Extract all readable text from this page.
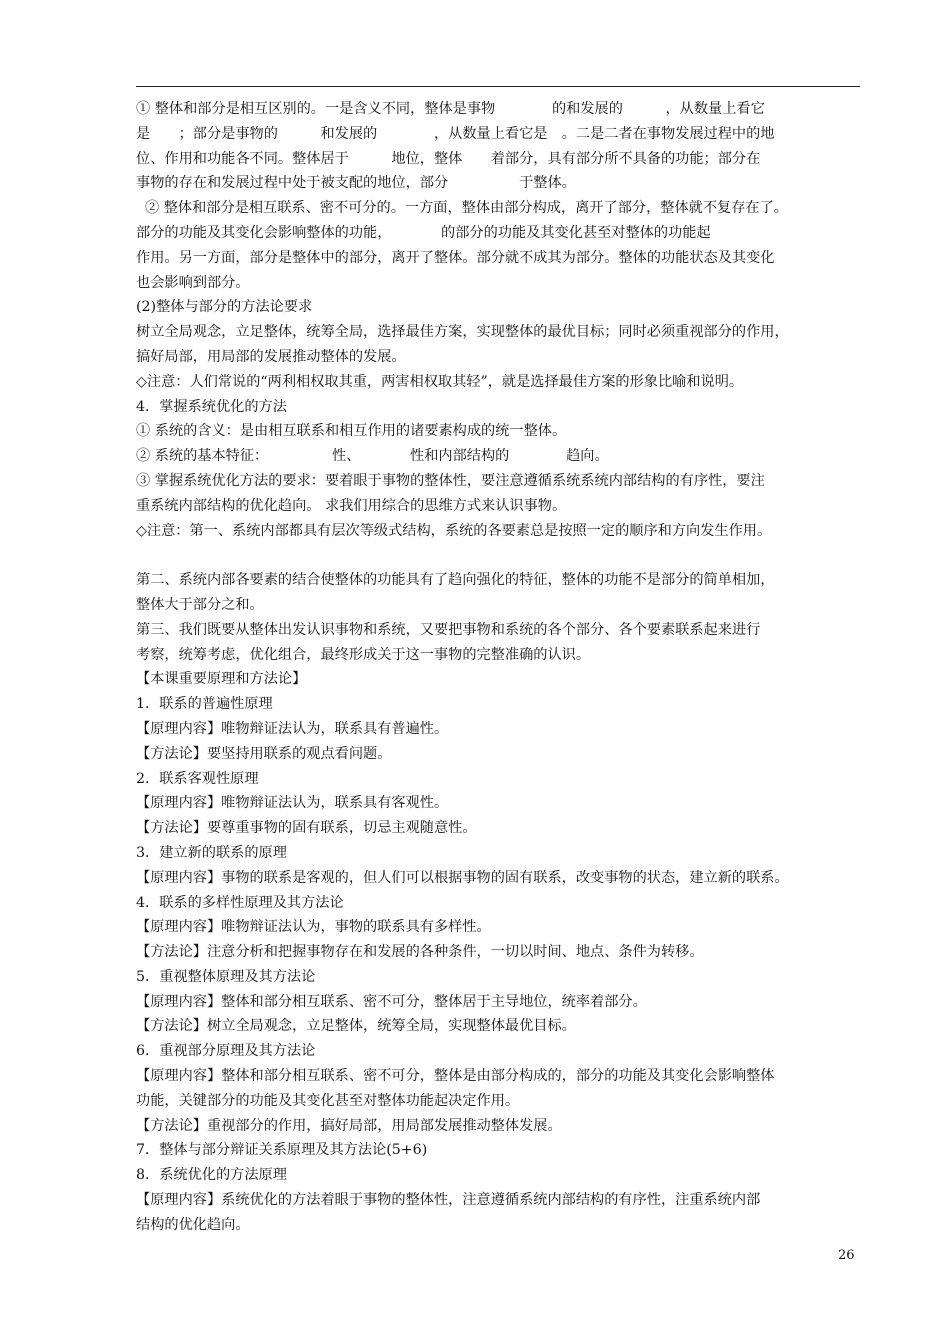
① 整体和部分是相互区别的。一是含义不同，整体是事物　　　　的和发展的　　　，从数量上看它

是　　；部分是事物的　　　和发展的　　　　，从数量上看它是　。二是二者在事物发展过程中的地

位、作用和功能各不同。整体居于　　　地位，整体　　着部分，具有部分所不具备的功能；部分在

事物的存在和发展过程中处于被支配的地位，部分　　　　　于整体。

② 整体和部分是相互联系、密不可分的。一方面，整体由部分构成，离开了部分，整体就不复存在了。

部分的功能及其变化会影响整体的功能，　　　　的部分的功能及其变化甚至对整体的功能起

作用。另一方面，部分是整体中的部分，离开了整体。部分就不成其为部分。整体的功能状态及其变化

也会影响到部分。

(2)整体与部分的方法论要求

树立全局观念，立足整体，统筹全局，选择最佳方案，实现整体的最优目标；同时必须重视部分的作用，

搞好局部，用局部的发展推动整体的发展。

◇注意：人们常说的“两利相权取其重，两害相权取其轻”，就是选择最佳方案的形象比喻和说明。

4．掌握系统优化的方法

① 系统的含义：是由相互联系和相互作用的诸要素构成的统一整体。

② 系统的基本特征：　　　　　性、　　　　性和内部结构的　　　　趋向。

③ 掌握系统优化方法的要求：要着眼于事物的整体性，要注意遵循系统系统内部结构的有序性，要注

重系统内部结构的优化趋向。 求我们用综合的思维方式来认识事物。

◇注意：第一、系统内部都具有层次等级式结构，系统的各要素总是按照一定的顺序和方向发生作用。

第二、系统内部各要素的结合使整体的功能具有了趋向强化的特征，整体的功能不是部分的简单相加，

整体大于部分之和。

第三、我们既要从整体出发认识事物和系统，又要把事物和系统的各个部分、各个要素联系起来进行

考察，统筹考虑，优化组合，最终形成关于这一事物的完整准确的认识。

【本课重要原理和方法论】

1．联系的普遍性原理

【原理内容】唯物辩证法认为，联系具有普遍性。

【方法论】要坚持用联系的观点看问题。

2．联系客观性原理

【原理内容】唯物辩证法认为，联系具有客观性。

【方法论】要尊重事物的固有联系，切忌主观随意性。

3．建立新的联系的原理

【原理内容】事物的联系是客观的，但人们可以根据事物的固有联系，改变事物的状态，建立新的联系。

4．联系的多样性原理及其方法论

【原理内容】唯物辩证法认为，事物的联系具有多样性。

【方法论】注意分析和把握事物存在和发展的各种条件，一切以时间、地点、条件为转移。

5．重视整体原理及其方法论

【原理内容】整体和部分相互联系、密不可分，整体居于主导地位，统率着部分。

【方法论】树立全局观念，立足整体，统筹全局，实现整体最优目标。

6．重视部分原理及其方法论

【原理内容】整体和部分相互联系、密不可分，整体是由部分构成的，部分的功能及其变化会影响整体

功能，关键部分的功能及其变化甚至对整体功能起决定作用。

【方法论】重视部分的作用，搞好局部，用局部发展推动整体发展。

7．整体与部分辩证关系原理及其方法论(5+6)

8．系统优化的方法原理

【原理内容】系统优化的方法着眼于事物的整体性，注意遵循系统内部结构的有序性，注重系统内部

结构的优化趋向。

26
